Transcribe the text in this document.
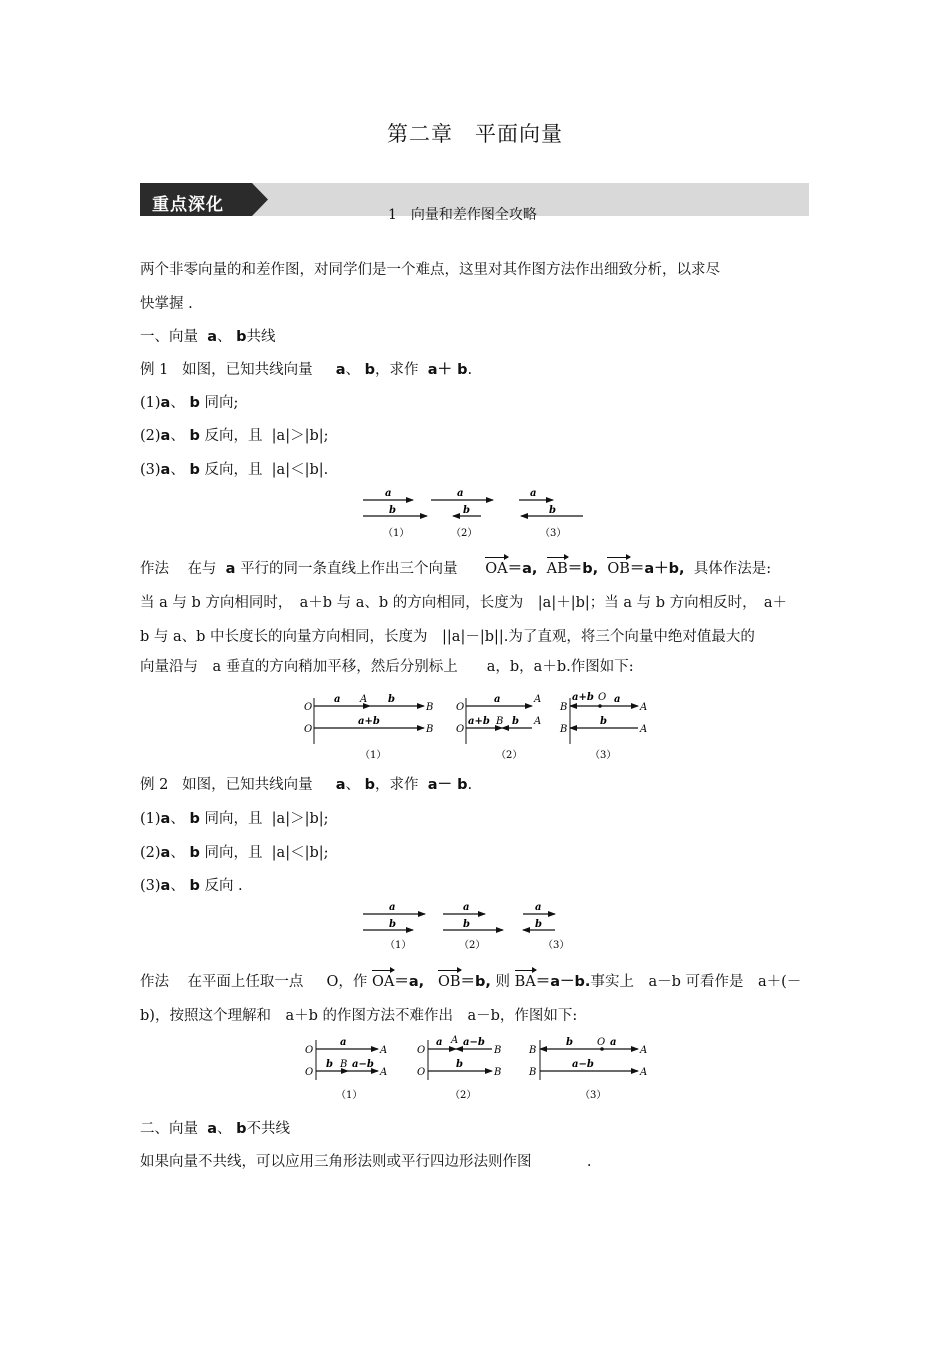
第二章　平面向量
重点深化	1 向量和差作图全攻略
两个非零向量的和差作图，对同学们是一个难点，这里对其作图方法作出细致分析，以求尽
快掌握 .
一、向量 a、 b共线
例 1 如图，已知共线向量 a、 b，求作 a＋ b.
(1)a、 b 同向;
(2)a、 b 反向，且 |a|＞|b|;
(3)a、 b 反向，且 |a|＜|b|.
a
b
（1）
a
b
（2）
a
b
（3）
作法 在与 a 平行的同一条直线上作出三个向量 OA＝a, AB＝b, OB＝a＋b, 具体作法是:
当 a 与 b 方向相同时，　a＋b 与 a、b 的方向相同，长度为　|a|＋|b|；当 a 与 b 方向相反时，　a＋
b 与 a、b 中长度长的向量方向相同，长度为　||a|－|b||.为了直观，将三个向量中绝对值最大的
向量沿与　a 垂直的方向稍加平移，然后分别标上　　a，b，a＋b.作图如下:
O
O
a A b
B
a+b
B
（1）
O
O
a	A
a+b B b A
（2）
B
B
a+b O a
A
b
A
（3）
例 2 如图，已知共线向量 a、 b，求作 a－ b.
(1)a、 b 同向，且 |a|＞|b|;
(2)a、 b 同向，且 |a|＜|b|;
(3)a、 b 反向 .
a
b
（1）
a
b
（2）
a
b
（3）
作法 在平面上任取一点 O，作 OA＝a, OB＝b, 则 BA＝a－b.事实上　a－b 可看作是　a＋(－
b)，按照这个理解和　a＋b 的作图方法不难作出　a－b，作图如下:
O
O
a
A
b B a−b
A
（1）
O
O
a A a−b
B
b
B
（2）
B
B
b O a
A
a−b
A
（3）
二、向量 a、 b不共线
如果向量不共线，可以应用三角形法则或平行四边形法则作图	.
